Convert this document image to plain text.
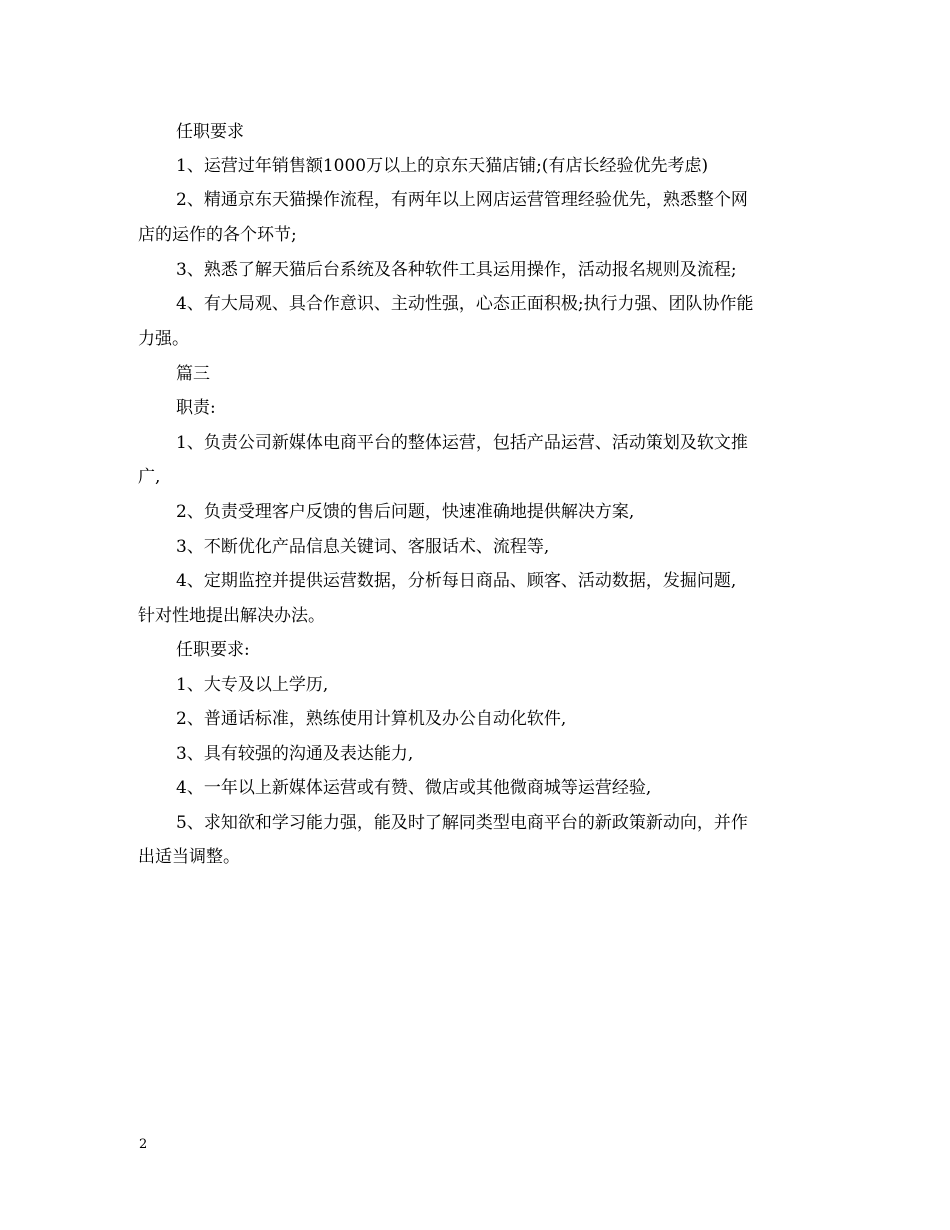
任职要求
1、运营过年销售额1000万以上的京东天猫店铺;(有店长经验优先考虑)
2、精通京东天猫操作流程，有两年以上网店运营管理经验优先，熟悉整个网
店的运作的各个环节;
3、熟悉了解天猫后台系统及各种软件工具运用操作，活动报名规则及流程;
4、有大局观、具合作意识、主动性强，心态正面积极;执行力强、团队协作能
力强。
篇三
职责:
1、负责公司新媒体电商平台的整体运营，包括产品运营、活动策划及软文推
广,
2、负责受理客户反馈的售后问题，快速准确地提供解决方案,
3、不断优化产品信息关键词、客服话术、流程等,
4、定期监控并提供运营数据，分析每日商品、顾客、活动数据，发掘问题,
针对性地提出解决办法。
任职要求:
1、大专及以上学历,
2、普通话标准，熟练使用计算机及办公自动化软件,
3、具有较强的沟通及表达能力,
4、一年以上新媒体运营或有赞、微店或其他微商城等运营经验,
5、求知欲和学习能力强，能及时了解同类型电商平台的新政策新动向，并作
出适当调整。
2
